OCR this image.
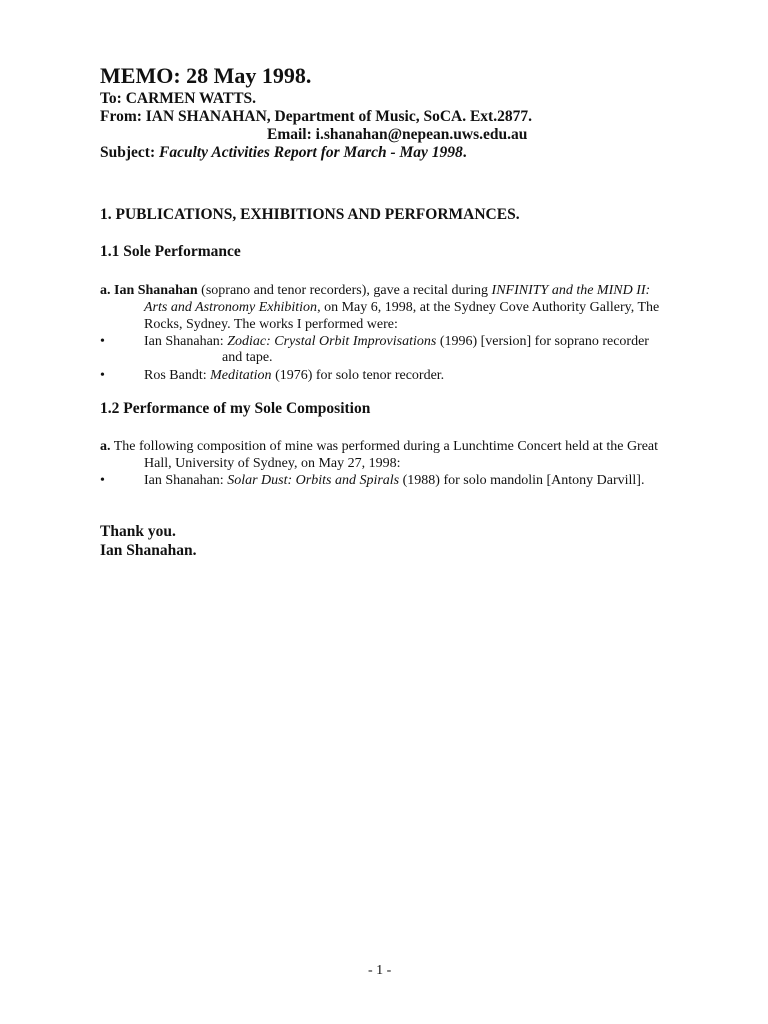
MEMO: 28 May 1998.
To: CARMEN WATTS.
From: IAN SHANAHAN, Department of Music, SoCA. Ext.2877.
Email: i.shanahan@nepean.uws.edu.au
Subject: Faculty Activities Report for March - May 1998.
1. PUBLICATIONS, EXHIBITIONS AND PERFORMANCES.
1.1 Sole Performance
a. Ian Shanahan (soprano and tenor recorders), gave a recital during INFINITY and the MIND II:
Arts and Astronomy Exhibition, on May 6, 1998, at the Sydney Cove Authority Gallery, The
Rocks, Sydney. The works I performed were:
•	Ian Shanahan: Zodiac: Crystal Orbit Improvisations (1996) [version] for soprano recorder
and tape.
•	Ros Bandt: Meditation (1976) for solo tenor recorder.
1.2 Performance of my Sole Composition
a. The following composition of mine was performed during a Lunchtime Concert held at the Great
Hall, University of Sydney, on May 27, 1998:
•	Ian Shanahan: Solar Dust: Orbits and Spirals (1988) for solo mandolin [Antony Darvill].
Thank you.
Ian Shanahan.
- 1 -
